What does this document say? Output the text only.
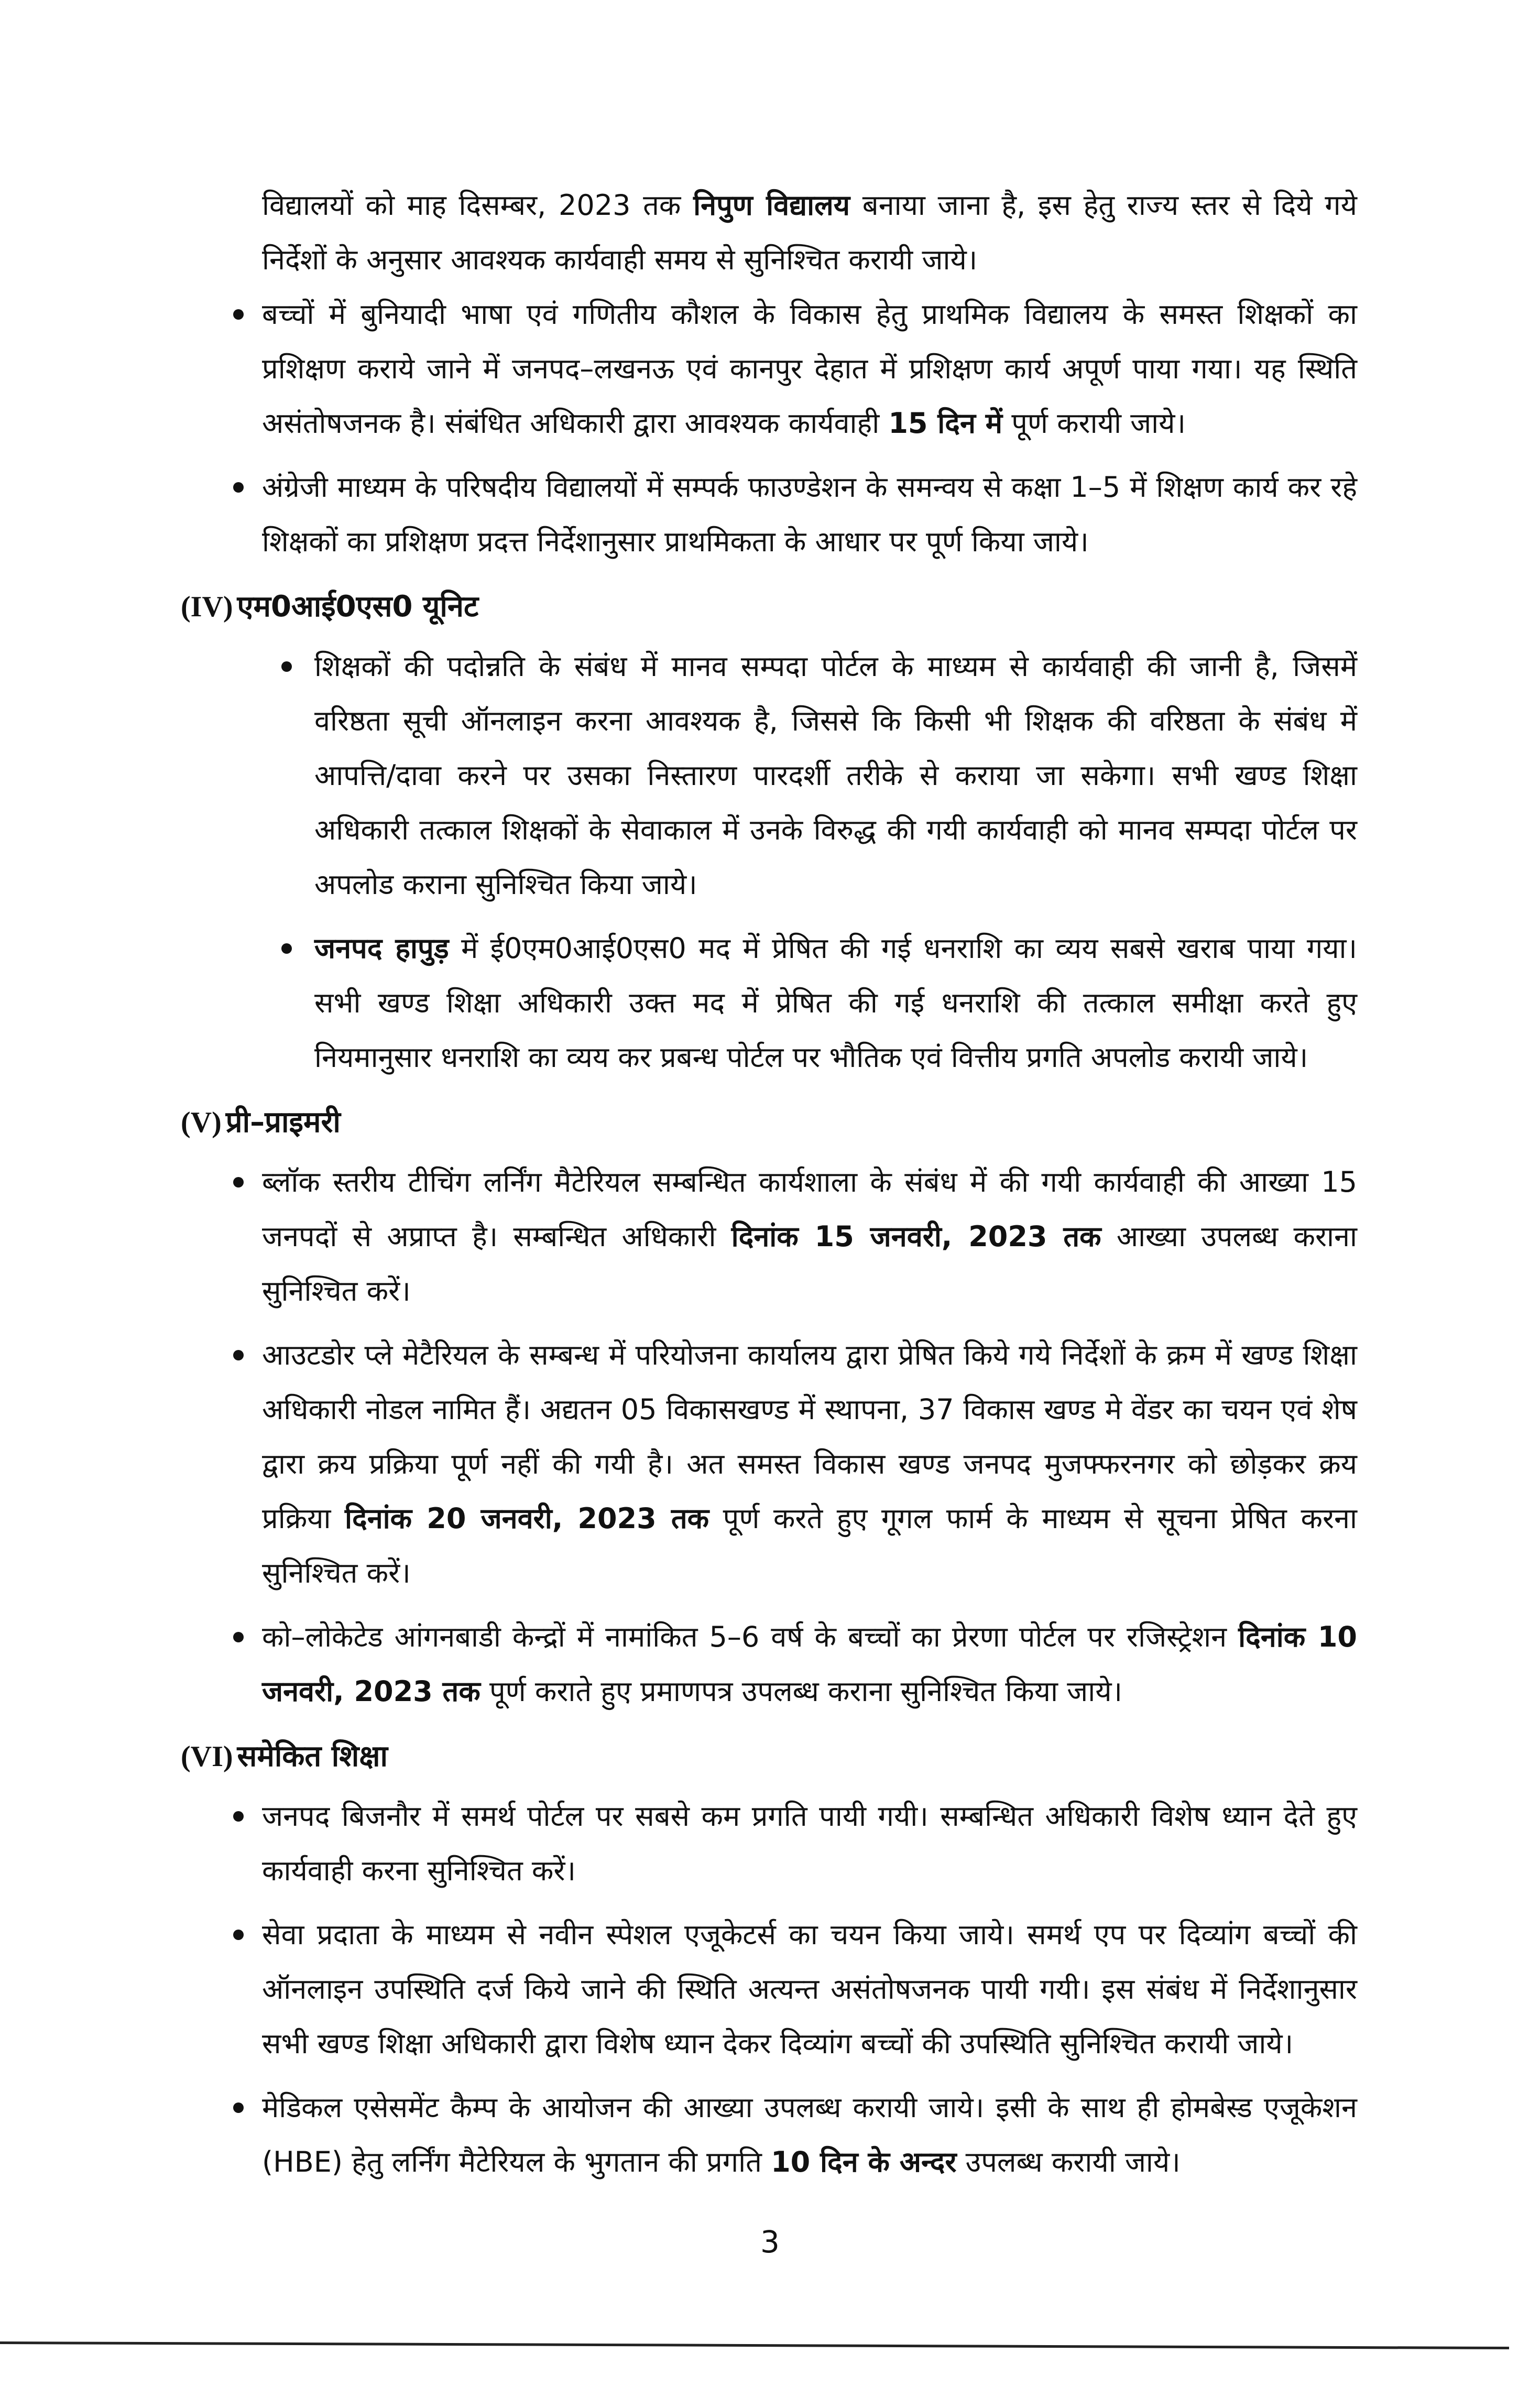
विद्यालयों को माह दिसम्बर, 2023 तक निपुण विद्यालय बनाया जाना है, इस हेतु राज्य स्तर से दिये गये निर्देशों के अनुसार आवश्यक कार्यवाही समय से सुनिश्चित करायी जाये।

बच्चों में बुनियादी भाषा एवं गणितीय कौशल के विकास हेतु प्राथमिक विद्यालय के समस्त शिक्षकों का प्रशिक्षण कराये जाने में जनपद–लखनऊ एवं कानपुर देहात में प्रशिक्षण कार्य अपूर्ण पाया गया। यह स्थिति असंतोषजनक है। संबंधित अधिकारी द्वारा आवश्यक कार्यवाही 15 दिन में पूर्ण करायी जाये।
अंग्रेजी माध्यम के परिषदीय विद्यालयों में सम्पर्क फाउण्डेशन के समन्वय से कक्षा 1–5 में शिक्षण कार्य कर रहे शिक्षकों का प्रशिक्षण प्रदत्त निर्देशानुसार प्राथमिकता के आधार पर पूर्ण किया जाये।
(IV) एम0आई0एस0 यूनिट
शिक्षकों की पदोन्नति के संबंध में मानव सम्पदा पोर्टल के माध्यम से कार्यवाही की जानी है, जिसमें वरिष्ठता सूची ऑनलाइन करना आवश्यक है, जिससे कि किसी भी शिक्षक की वरिष्ठता के संबंध में आपत्ति/दावा करने पर उसका निस्तारण पारदर्शी तरीके से कराया जा सकेगा। सभी खण्ड शिक्षा अधिकारी तत्काल शिक्षकों के सेवाकाल में उनके विरुद्ध की गयी कार्यवाही को मानव सम्पदा पोर्टल पर अपलोड कराना सुनिश्चित किया जाये।
जनपद हापुड़ में ई0एम0आई0एस0 मद में प्रेषित की गई धनराशि का व्यय सबसे खराब पाया गया। सभी खण्ड शिक्षा अधिकारी उक्त मद में प्रेषित की गई धनराशि की तत्काल समीक्षा करते हुए नियमानुसार धनराशि का व्यय कर प्रबन्ध पोर्टल पर भौतिक एवं वित्तीय प्रगति अपलोड करायी जाये।
(V) प्री–प्राइमरी
ब्लॉक स्तरीय टीचिंग लर्निंग मैटेरियल सम्बन्धित कार्यशाला के संबंध में की गयी कार्यवाही की आख्या 15 जनपदों से अप्राप्त है। सम्बन्धित अधिकारी दिनांक 15 जनवरी, 2023 तक आख्या उपलब्ध कराना सुनिश्चित करें।
आउटडोर प्ले मेटैरियल के सम्बन्ध में परियोजना कार्यालय द्वारा प्रेषित किये गये निर्देशों के क्रम में खण्ड शिक्षा अधिकारी नोडल नामित हैं। अद्यतन 05 विकासखण्ड में स्थापना, 37 विकास खण्ड मे वेंडर का चयन एवं शेष द्वारा क्रय प्रक्रिया पूर्ण नहीं की गयी है। अत समस्त विकास खण्ड जनपद मुजफ्फरनगर को छोड़कर क्रय प्रक्रिया दिनांक 20 जनवरी, 2023 तक पूर्ण करते हुए गूगल फार्म के माध्यम से सूचना प्रेषित करना सुनिश्चित करें।
को–लोकेटेड आंगनबाडी केन्द्रों में नामांकित 5–6 वर्ष के बच्चों का प्रेरणा पोर्टल पर रजिस्ट्रेशन दिनांक 10 जनवरी, 2023 तक पूर्ण कराते हुए प्रमाणपत्र उपलब्ध कराना सुनिश्चित किया जाये।
(VI) समेकित शिक्षा
जनपद बिजनौर में समर्थ पोर्टल पर सबसे कम प्रगति पायी गयी। सम्बन्धित अधिकारी विशेष ध्यान देते हुए कार्यवाही करना सुनिश्चित करें।
सेवा प्रदाता के माध्यम से नवीन स्पेशल एजूकेटर्स का चयन किया जाये। समर्थ एप पर दिव्यांग बच्चों की ऑनलाइन उपस्थिति दर्ज किये जाने की स्थिति अत्यन्त असंतोषजनक पायी गयी। इस संबंध में निर्देशानुसार सभी खण्ड शिक्षा अधिकारी द्वारा विशेष ध्यान देकर दिव्यांग बच्चों की उपस्थिति सुनिश्चित करायी जाये।
मेडिकल एसेसमेंट कैम्प के आयोजन की आख्या उपलब्ध करायी जाये। इसी के साथ ही होमबेस्ड एजूकेशन (HBE) हेतु लर्निंग मैटेरियल के भुगतान की प्रगति 10 दिन के अन्दर उपलब्ध करायी जाये।
3
